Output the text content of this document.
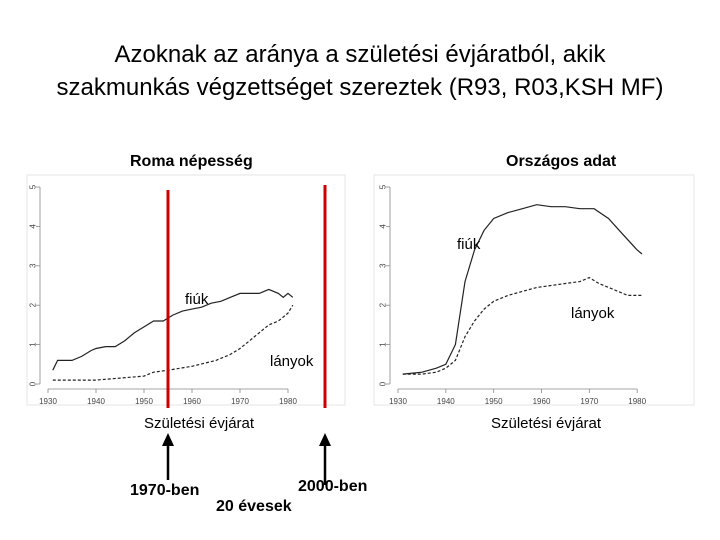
Azoknak az aránya a születési évjáratból, akik
szakmunkás végzettséget szereztek (R93, R03,KSH MF)
Roma népesség	Országos adat
1930	1940	1950	1960	1970	1980
0
1
2
3
4
5
fiúk
lányok
1930	1940	1950	1960	1970	1980
0
1
2
3
4
5
fiúk
lányok
Születési évjárat	Születési évjárat
1970-ben	2000-ben
20 évesek
